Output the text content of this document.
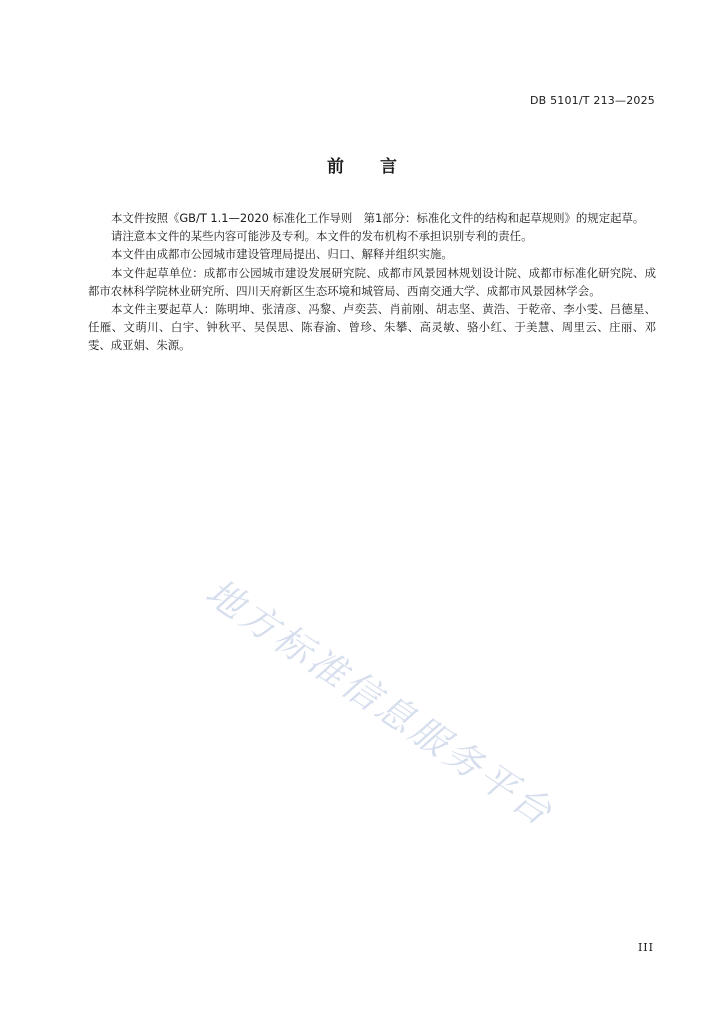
DB 5101/T 213—2025
前言

本文件按照《GB/T 1.1—2020 标准化工作导则　第1部分：标准化文件的结构和起草规则》的规定起草。

请注意本文件的某些内容可能涉及专利。本文件的发布机构不承担识别专利的责任。

本文件由成都市公园城市建设管理局提出、归口、解释并组织实施。

本文件起草单位：成都市公园城市建设发展研究院、成都市风景园林规划设计院、成都市标准化研究院、成都市农林科学院林业研究所、四川天府新区生态环境和城管局、西南交通大学、成都市风景园林学会。

本文件主要起草人：陈明坤、张清彦、冯黎、卢奕芸、肖前刚、胡志坚、黄浩、于乾帝、李小雯、吕德星、任雁、文萌川、白宇、钟秋平、吴俣思、陈春渝、曾珍、朱攀、高灵敏、骆小红、于美慧、周里云、庄丽、邓雯、成亚娟、朱源。

地方标准信息服务平台
III
